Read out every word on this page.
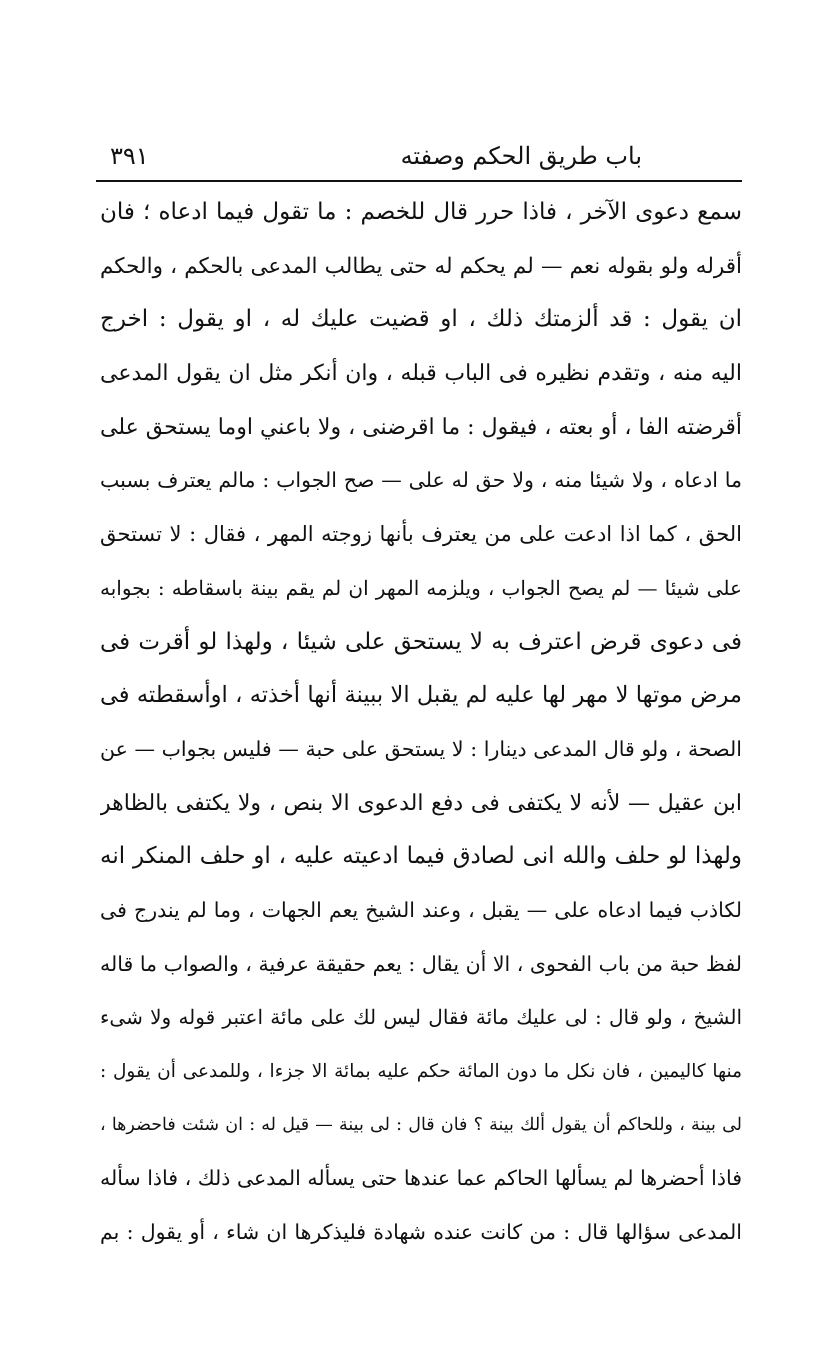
باب طريق الحكم وصفته
٣٩١
سمع دعوى الآخر ، فاذا حرر قال للخصم : ما تقول فيما ادعاه ؛ فان
أقرله ولو بقوله نعم — لم يحكم له حتى يطالب المدعى بالحكم ، والحكم
ان يقول : قد ألزمتك ذلك ، او قضيت عليك له ، او يقول : اخرج
اليه منه ، وتقدم نظيره فى الباب قبله ، وان أنكر مثل ان يقول المدعى
أقرضته الفا ، أو بعته ، فيقول : ما اقرضنى ، ولا باعني اوما يستحق على
ما ادعاه ، ولا شيئا منه ، ولا حق له على — صح الجواب : مالم يعترف بسبب
الحق ، كما اذا ادعت على من يعترف بأنها زوجته المهر ، فقال : لا تستحق
على شيئا — لم يصح الجواب ، ويلزمه المهر ان لم يقم بينة باسقاطه : بجوابه
فى دعوى قرض اعترف به لا يستحق على شيئا ، ولهذا لو أقرت فى
مرض موتها لا مهر لها عليه لم يقبل الا ببينة أنها أخذته ، اوأسقطته فى
الصحة ، ولو قال المدعى دينارا : لا يستحق على حبة — فليس بجواب — عن
ابن عقيل — لأنه لا يكتفى فى دفع الدعوى الا بنص ، ولا يكتفى بالظاهر
ولهذا لو حلف والله انى لصادق فيما ادعيته عليه ، او حلف المنكر انه
لكاذب فيما ادعاه على — يقبل ، وعند الشيخ يعم الجهات ، وما لم يندرج فى
لفظ حبة من باب الفحوى ، الا أن يقال : يعم حقيقة عرفية ، والصواب ما قاله
الشيخ ، ولو قال : لى عليك مائة فقال ليس لك على مائة اعتبر قوله ولا شىء
منها كاليمين ، فان نكل ما دون المائة حكم عليه بمائة الا جزءا ، وللمدعى أن يقول :
لى بينة ، وللحاكم أن يقول ألك بينة ؟ فان قال : لى بينة — قيل له : ان شئت فاحضرها ،
فاذا أحضرها لم يسألها الحاكم عما عندها حتى يسأله المدعى ذلك ، فاذا سأله
المدعى سؤالها قال : من كانت عنده شهادة فليذكرها ان شاء ، أو يقول : بم
